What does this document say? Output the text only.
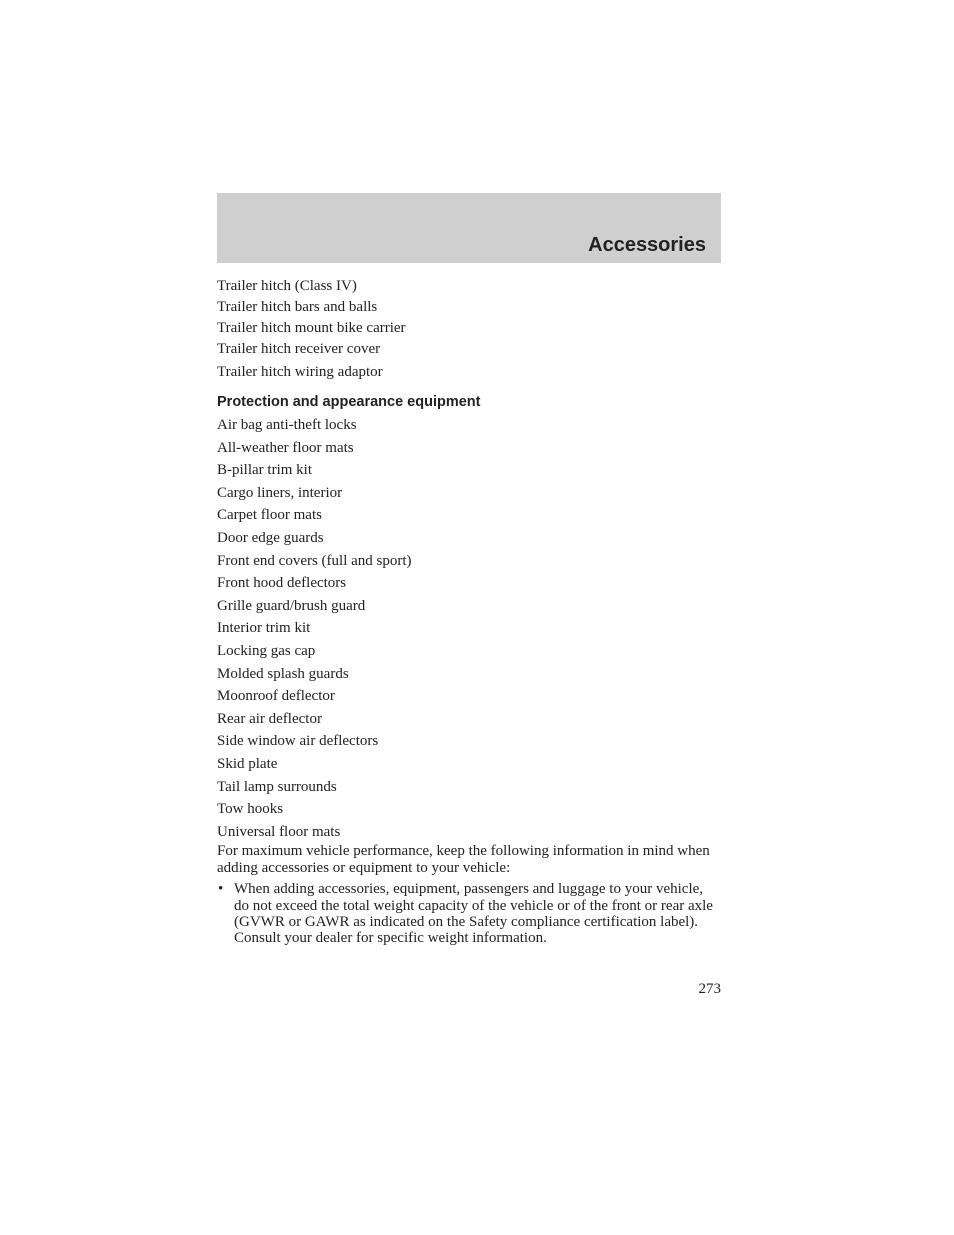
Accessories
Trailer hitch (Class IV)
Trailer hitch bars and balls
Trailer hitch mount bike carrier
Trailer hitch receiver cover
Trailer hitch wiring adaptor
Protection and appearance equipment
Air bag anti-theft locks
All-weather floor mats
B-pillar trim kit
Cargo liners, interior
Carpet floor mats
Door edge guards
Front end covers (full and sport)
Front hood deflectors
Grille guard/brush guard
Interior trim kit
Locking gas cap
Molded splash guards
Moonroof deflector
Rear air deflector
Side window air deflectors
Skid plate
Tail lamp surrounds
Tow hooks
Universal floor mats

For maximum vehicle performance, keep the following information in mind when adding accessories or equipment to your vehicle:

• When adding accessories, equipment, passengers and luggage to your vehicle, do not exceed the total weight capacity of the vehicle or of the front or rear axle (GVWR or GAWR as indicated on the Safety compliance certification label). Consult your dealer for specific weight information.

273
